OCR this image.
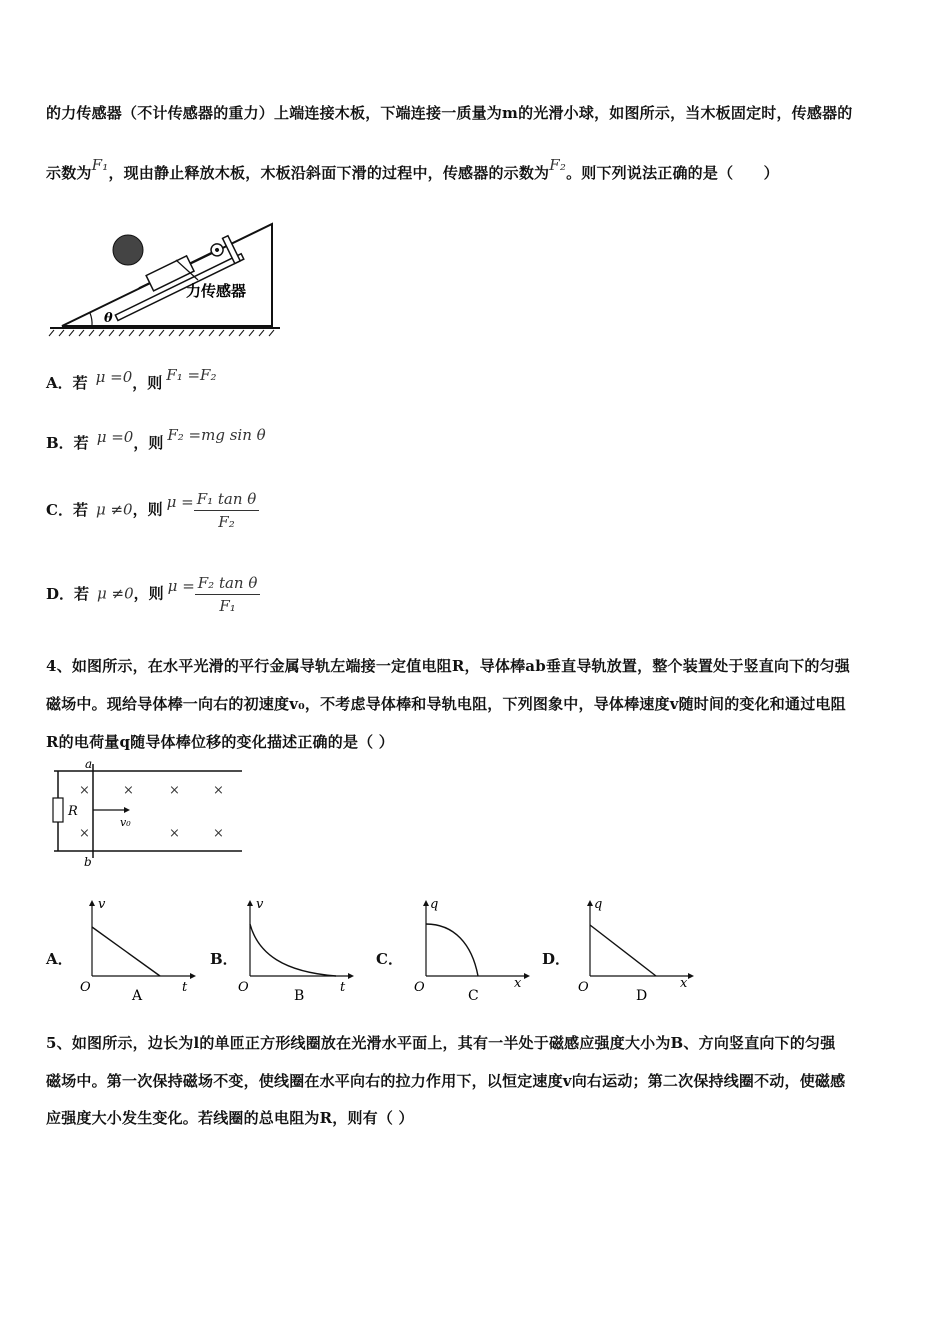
的力传感器（不计传感器的重力）上端连接木板，下端连接一质量为m的光滑小球，如图所示，当木板固定时，传感器的
示数为F₁，现由静止释放木板，木板沿斜面下滑的过程中，传感器的示数为F₂。则下列说法正确的是（　　）
θ
力传感器
A．若 μ =0，则 F₁ =F₂
B．若 μ =0，则 F₂ =mg sin θ
C．若 μ ≠0，则 $\mu = \frac{\text{F₁ tan θ}}{\text{F₂}}$
D．若 μ ≠0，则 $\mu = \frac{\text{F₂ tan θ}}{\text{F₁}}$
4、如图所示，在水平光滑的平行金属导轨左端接一定值电阻R，导体棒ab垂直导轨放置，整个装置处于竖直向下的匀强
磁场中。现给导体棒一向右的初速度v₀，不考虑导体棒和导轨电阻，下列图象中，导体棒速度v随时间的变化和通过电阻
R的电荷量q随导体棒位移的变化描述正确的是（ ）
R
a
b
v₀
×	×	×	×
×	×	×
A．
v
t
O
A
B．
v
t
O
B
C．
q
x
O
C
D．
q
x
O
D
5、如图所示，边长为l的单匝正方形线圈放在光滑水平面上，其有一半处于磁感应强度大小为B、方向竖直向下的匀强
磁场中。第一次保持磁场不变，使线圈在水平向右的拉力作用下，以恒定速度v向右运动；第二次保持线圈不动，使磁感
应强度大小发生变化。若线圈的总电阻为R，则有（ ）
